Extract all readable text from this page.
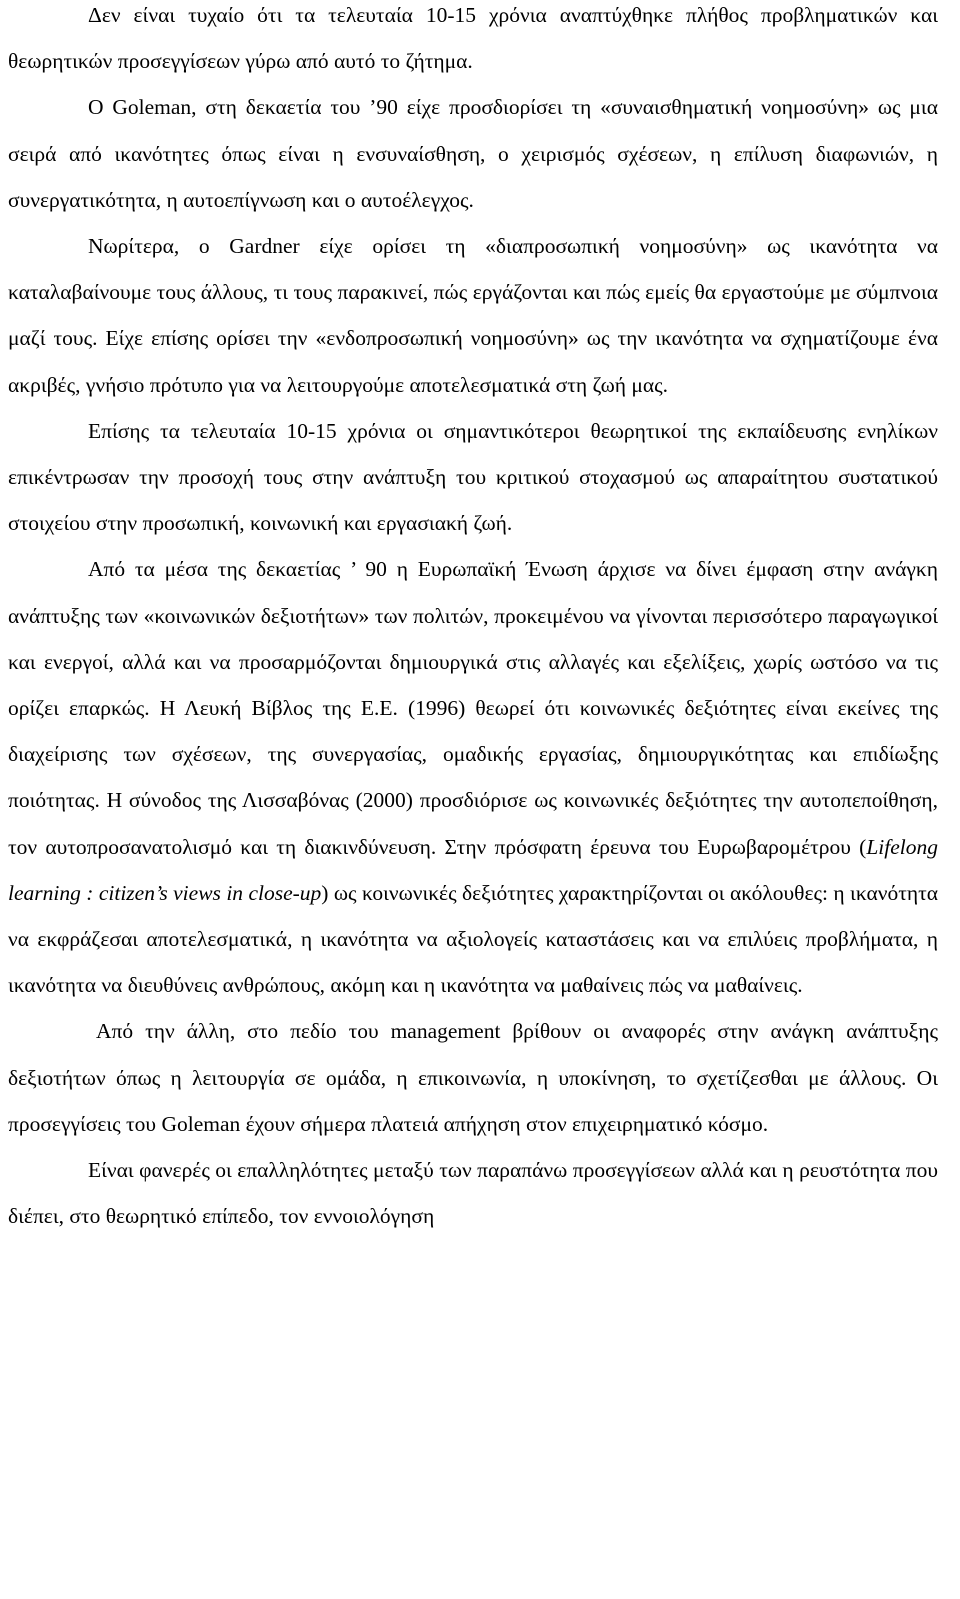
Δεν είναι τυχαίο ότι τα τελευταία 10-15 χρόνια αναπτύχθηκε πλήθος προβληματικών και θεωρητικών προσεγγίσεων γύρω από αυτό το ζήτημα.

Ο Goleman, στη δεκαετία του ’90 είχε προσδιορίσει τη «συναισθηματική νοημοσύνη» ως μια σειρά από ικανότητες όπως είναι η ενσυναίσθηση, ο χειρισμός σχέσεων, η επίλυση διαφωνιών, η συνεργατικότητα, η αυτοεπίγνωση και ο αυτοέλεγχος.

Νωρίτερα, ο Gardner είχε ορίσει τη «διαπροσωπική νοημοσύνη» ως ικανότητα να καταλαβαίνουμε τους άλλους, τι τους παρακινεί, πώς εργάζονται και πώς εμείς θα εργαστούμε με σύμπνοια μαζί τους. Είχε επίσης ορίσει την «ενδοπροσωπική νοημοσύνη» ως την ικανότητα να σχηματίζουμε ένα ακριβές, γνήσιο πρότυπο για να λειτουργούμε αποτελεσματικά στη ζωή μας.

Επίσης τα τελευταία 10-15 χρόνια οι σημαντικότεροι θεωρητικοί της εκπαίδευσης ενηλίκων επικέντρωσαν την προσοχή τους στην ανάπτυξη του κριτικού στοχασμού ως απαραίτητου συστατικού στοιχείου στην προσωπική, κοινωνική και εργασιακή ζωή.

Από τα μέσα της δεκαετίας ’ 90 η Ευρωπαϊκή Ένωση άρχισε να δίνει έμφαση στην ανάγκη ανάπτυξης των «κοινωνικών δεξιοτήτων» των πολιτών, προκειμένου να γίνονται περισσότερο παραγωγικοί και ενεργοί, αλλά και να προσαρμόζονται δημιουργικά στις αλλαγές και εξελίξεις, χωρίς ωστόσο να τις ορίζει επαρκώς. Η Λευκή Βίβλος της Ε.Ε. (1996) θεωρεί ότι κοινωνικές δεξιότητες είναι εκείνες της διαχείρισης των σχέσεων, της συνεργασίας, ομαδικής εργασίας, δημιουργικότητας και επιδίωξης ποιότητας. Η σύνοδος της Λισσαβόνας (2000) προσδιόρισε ως κοινωνικές δεξιότητες την αυτοπεποίθηση, τον αυτοπροσανατολισμό και τη διακινδύνευση. Στην πρόσφατη έρευνα του Ευρωβαρομέτρου (Lifelong learning : citizen’s views in close-up) ως κοινωνικές δεξιότητες χαρακτηρίζονται οι ακόλουθες: η ικανότητα να εκφράζεσαι αποτελεσματικά, η ικανότητα να αξιολογείς καταστάσεις και να επιλύεις προβλήματα, η ικανότητα να διευθύνεις ανθρώπους, ακόμη και η ικανότητα να μαθαίνεις πώς να μαθαίνεις.

Από την άλλη, στο πεδίο του management βρίθουν οι αναφορές στην ανάγκη ανάπτυξης δεξιοτήτων όπως η λειτουργία σε ομάδα, η επικοινωνία, η υποκίνηση, το σχετίζεσθαι με άλλους. Οι προσεγγίσεις του Goleman έχουν σήμερα πλατειά απήχηση στον επιχειρηματικό κόσμο.

Είναι φανερές οι επαλληλότητες μεταξύ των παραπάνω προσεγγίσεων αλλά και η ρευστότητα που διέπει, στο θεωρητικό επίπεδο, τον εννοιολόγηση
